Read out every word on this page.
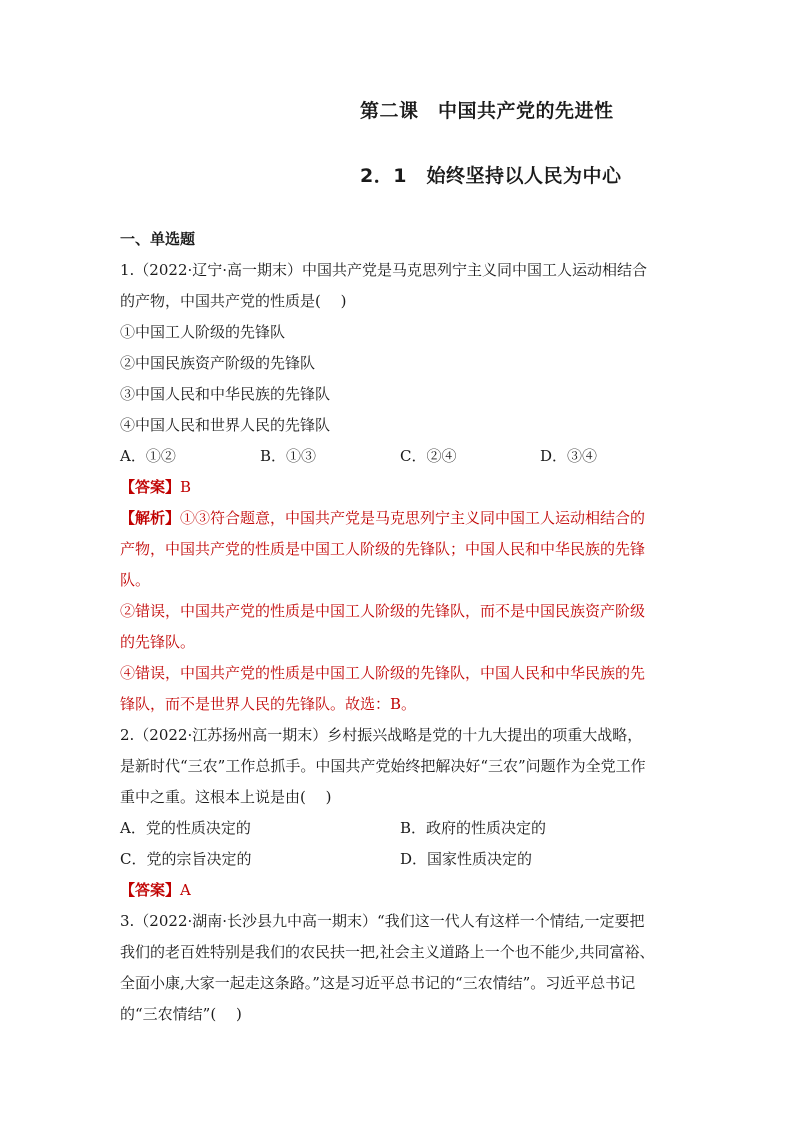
第二课　中国共产党的先进性
2．1　始终坚持以人民为中心
一、单选题
1.（2022·辽宁·高一期末）中国共产党是马克思列宁主义同中国工人运动相结合
的产物，中国共产党的性质是(　 )
①中国工人阶级的先锋队
②中国民族资产阶级的先锋队
③中国人民和中华民族的先锋队
④中国人民和世界人民的先锋队
A．①②	B．①③	C．②④	D．③④
【答案】B
【解析】①③符合题意，中国共产党是马克思列宁主义同中国工人运动相结合的
产物，中国共产党的性质是中国工人阶级的先锋队；中国人民和中华民族的先锋
队。
②错误，中国共产党的性质是中国工人阶级的先锋队，而不是中国民族资产阶级
的先锋队。
④错误，中国共产党的性质是中国工人阶级的先锋队，中国人民和中华民族的先
锋队，而不是世界人民的先锋队。故选：B。
2.（2022·江苏扬州高一期末）乡村振兴战略是党的十九大提出的项重大战略，
是新时代“三农”工作总抓手。中国共产党始终把解决好“三农”问题作为全党工作
重中之重。这根本上说是由(　 )
A．党的性质决定的	B．政府的性质决定的
C．党的宗旨决定的	D．国家性质决定的
【答案】A
3.（2022·湖南·长沙县九中高一期末）“我们这一代人有这样一个情结,一定要把
我们的老百姓特别是我们的农民扶一把,社会主义道路上一个也不能少,共同富裕、
全面小康,大家一起走这条路。”这是习近平总书记的“三农情结”。习近平总书记
的“三农情结”(　 )
